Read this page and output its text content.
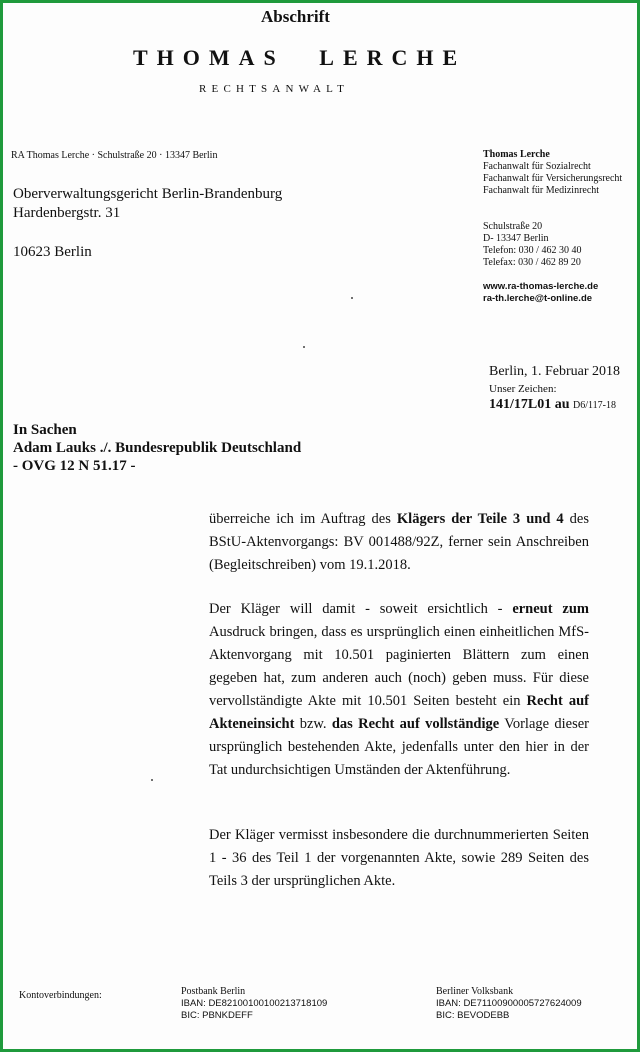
Abschrift
THOMAS LERCHE
RECHTSANWALT
RA Thomas Lerche · Schulstraße 20 · 13347 Berlin
Oberverwaltungsgericht Berlin-Brandenburg
Hardenbergstr. 31
10623 Berlin
Thomas Lerche
Fachanwalt für Sozialrecht
Fachanwalt für Versicherungsrecht
Fachanwalt für Medizinrecht
Schulstraße 20
D- 13347 Berlin
Telefon: 030 / 462 30 40
Telefax: 030 / 462 89 20
www.ra-thomas-lerche.de
ra-th.lerche@t-online.de
Berlin, 1. Februar 2018
Unser Zeichen:
141/17L01 au D6/117-18
In Sachen
Adam Lauks ./. Bundesrepublik Deutschland
- OVG 12 N 51.17 -
überreiche ich im Auftrag des Klägers der Teile 3 und 4 des BStU-Aktenvorgangs: BV 001488/92Z, ferner sein Anschreiben (Begleitschreiben) vom 19.1.2018.
Der Kläger will damit - soweit ersichtlich - erneut zum Ausdruck bringen, dass es ursprünglich einen einheitlichen MfS-Aktenvorgang mit 10.501 paginierten Blättern zum einen gegeben hat, zum anderen auch (noch) geben muss. Für diese vervollständigte Akte mit 10.501 Seiten besteht ein Recht auf Akteneinsicht bzw. das Recht auf vollständige Vorlage dieser ursprünglich bestehenden Akte, jedenfalls unter den hier in der Tat undurchsichtigen Umständen der Aktenführung.
Der Kläger vermisst insbesondere die durchnummerierten Seiten 1 - 36 des Teil 1 der vorgenannten Akte, sowie 289 Seiten des Teils 3 der ursprünglichen Akte.
Kontoverbindungen:	Postbank Berlin
IBAN: DE82100100100213718109
BIC: PBNKDEFF
Berliner Volksbank
IBAN: DE71100900005727624009
BIC: BEVODEBB
